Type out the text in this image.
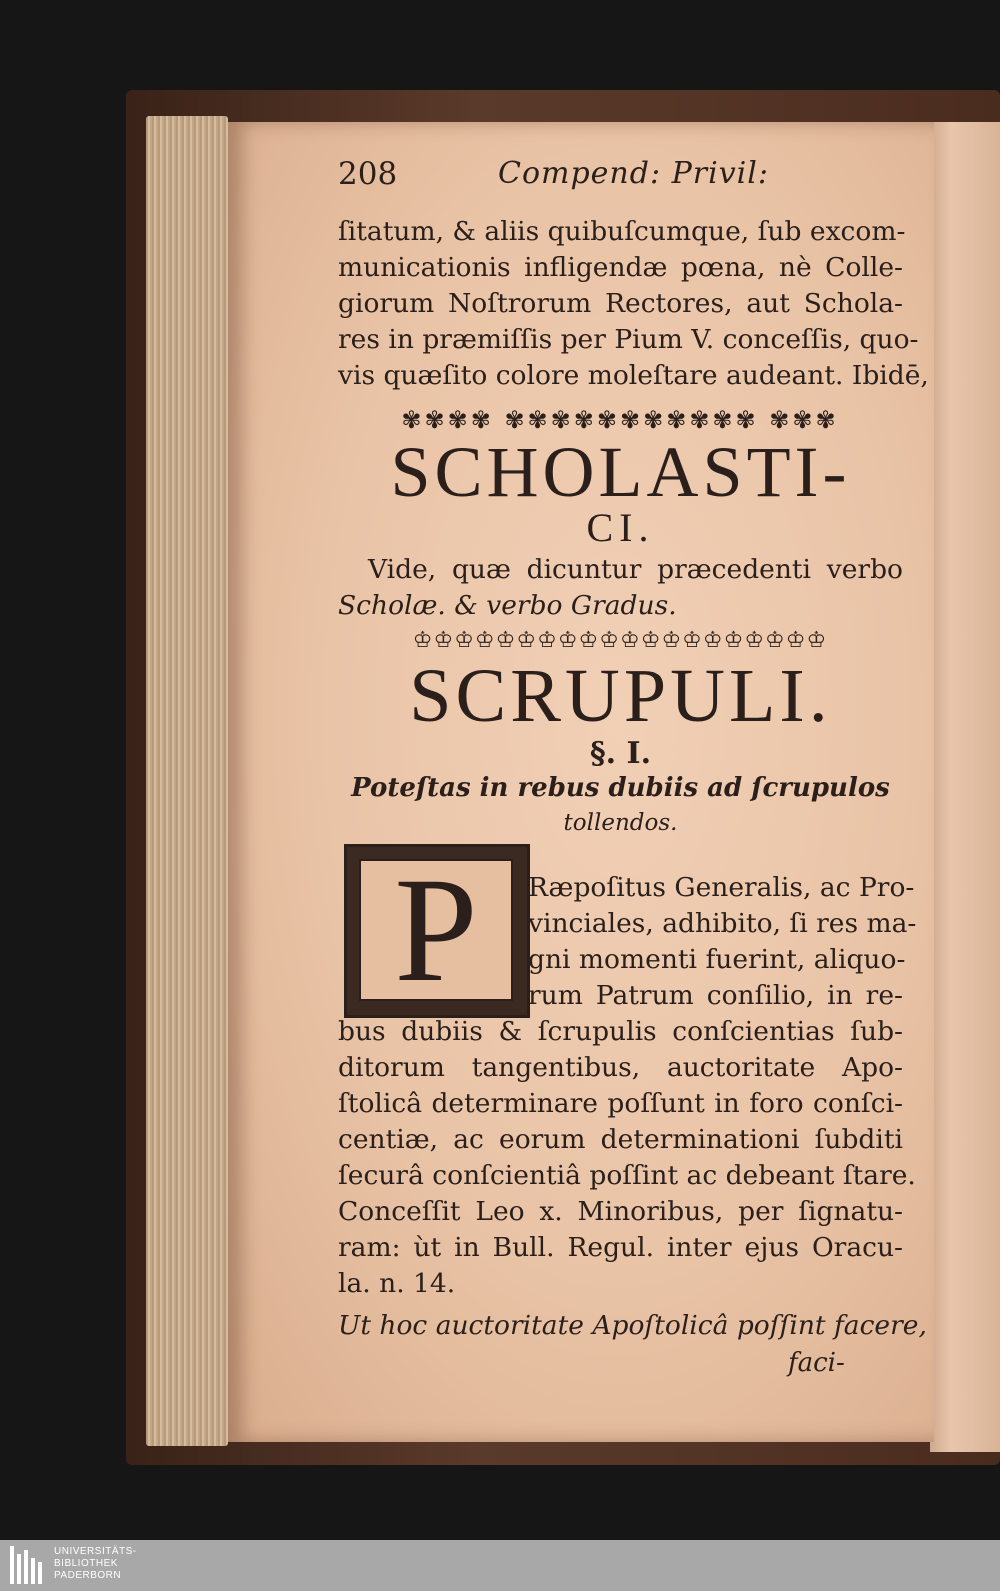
208	Compend: Privil:
ſitatum, & aliis quibuſcumque, ſub excom-
municationis infligendæ pœna, nè Colle-
giorum Noſtrorum Rectores, aut Schola-
res in præmiſſis per Pium V. conceſſis, quo-
vis quæſito colore moleſtare audeant. Ibidē,
✾✾✾✾ ✾✾✾✾✾✾✾✾✾✾✾ ✾✾✾
SCHOLASTI-
CI.
Vide, quæ dicuntur præcedenti verbo
Scholæ. & verbo Gradus.
♔♔♔♔♔♔♔♔♔♔♔♔♔♔♔♔♔♔♔♔
SCRUPULI.
§. I.
Poteſtas in rebus dubiis ad ſcrupulos
tollendos.
P	Ræpoſitus Generalis, ac Pro-
vinciales, adhibito, ſi res ma-
gni momenti fuerint, aliquo-
rum Patrum conſilio, in re-
bus dubiis & ſcrupulis conſcientias ſub-
ditorum tangentibus, auctoritate Apo-
ſtolicâ determinare poſſunt in foro conſci-
centiæ, ac eorum determinationi ſubditi
ſecurâ conſcientiâ poſſint ac debeant ſtare.
Conceſſit Leo x. Minoribus, per ſignatu-
ram: ùt in Bull. Regul. inter ejus Oracu-
la. n. 14.
Ut hoc auctoritate Apoſtolicâ poſſint facere,
faci-
UNIVERSITÄTS-
BIBLIOTHEK
PADERBORN
